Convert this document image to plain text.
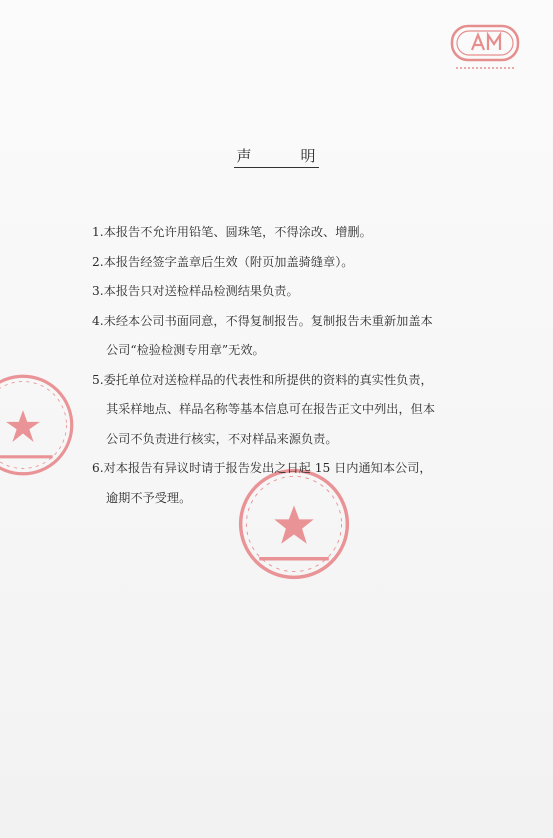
声	明
1.本报告不允许用铅笔、圆珠笔，不得涂改、增删。
2.本报告经签字盖章后生效（附页加盖骑缝章）。
3.本报告只对送检样品检测结果负责。
4.未经本公司书面同意，不得复制报告。复制报告未重新加盖本
公司“检验检测专用章”无效。
5.委托单位对送检样品的代表性和所提供的资料的真实性负责，
其采样地点、样品名称等基本信息可在报告正文中列出，但本
公司不负责进行核实，不对样品来源负责。
6.对本报告有异议时请于报告发出之日起 15 日内通知本公司，
逾期不予受理。
